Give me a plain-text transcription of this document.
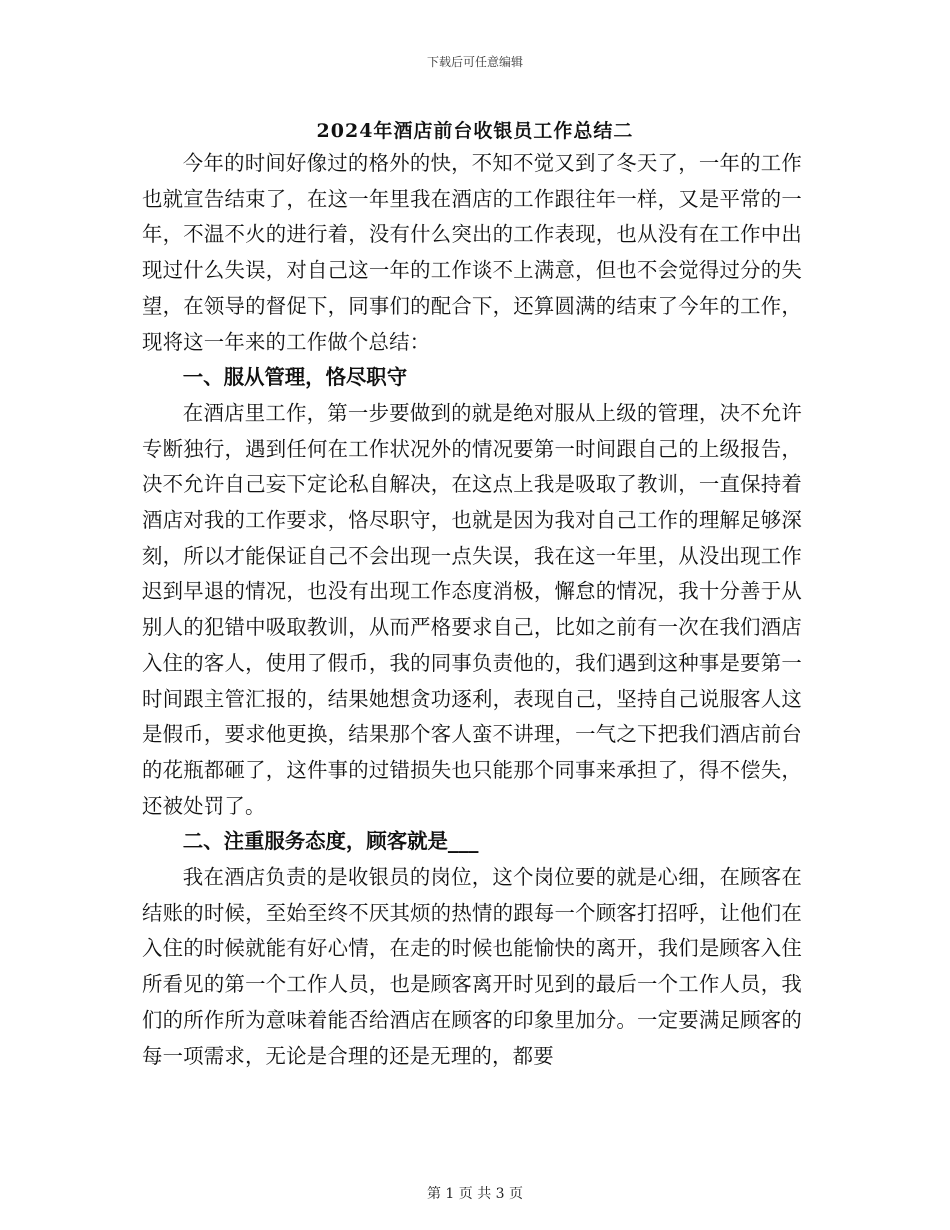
下载后可任意编辑
2024年酒店前台收银员工作总结二

今年的时间好像过的格外的快，不知不觉又到了冬天了，一年的工作也就宣告结束了，在这一年里我在酒店的工作跟往年一样，又是平常的一年，不温不火的进行着，没有什么突出的工作表现，也从没有在工作中出现过什么失误，对自己这一年的工作谈不上满意，但也不会觉得过分的失望，在领导的督促下，同事们的配合下，还算圆满的结束了今年的工作，现将这一年来的工作做个总结：

一、服从管理，恪尽职守

在酒店里工作，第一步要做到的就是绝对服从上级的管理，决不允许专断独行，遇到任何在工作状况外的情况要第一时间跟自己的上级报告，决不允许自己妄下定论私自解决，在这点上我是吸取了教训，一直保持着酒店对我的工作要求，恪尽职守，也就是因为我对自己工作的理解足够深刻，所以才能保证自己不会出现一点失误，我在这一年里，从没出现工作迟到早退的情况，也没有出现工作态度消极，懈怠的情况，我十分善于从别人的犯错中吸取教训，从而严格要求自己，比如之前有一次在我们酒店入住的客人，使用了假币，我的同事负责他的，我们遇到这种事是要第一时间跟主管汇报的，结果她想贪功逐利，表现自己，坚持自己说服客人这是假币，要求他更换，结果那个客人蛮不讲理，一气之下把我们酒店前台的花瓶都砸了，这件事的过错损失也只能那个同事来承担了，得不偿失，还被处罚了。

二、注重服务态度，顾客就是___

我在酒店负责的是收银员的岗位，这个岗位要的就是心细，在顾客在结账的时候，至始至终不厌其烦的热情的跟每一个顾客打招呼，让他们在入住的时候就能有好心情，在走的时候也能愉快的离开，我们是顾客入住所看见的第一个工作人员，也是顾客离开时见到的最后一个工作人员，我们的所作所为意味着能否给酒店在顾客的印象里加分。一定要满足顾客的每一项需求，无论是合理的还是无理的，都要

第 1 页 共 3 页
